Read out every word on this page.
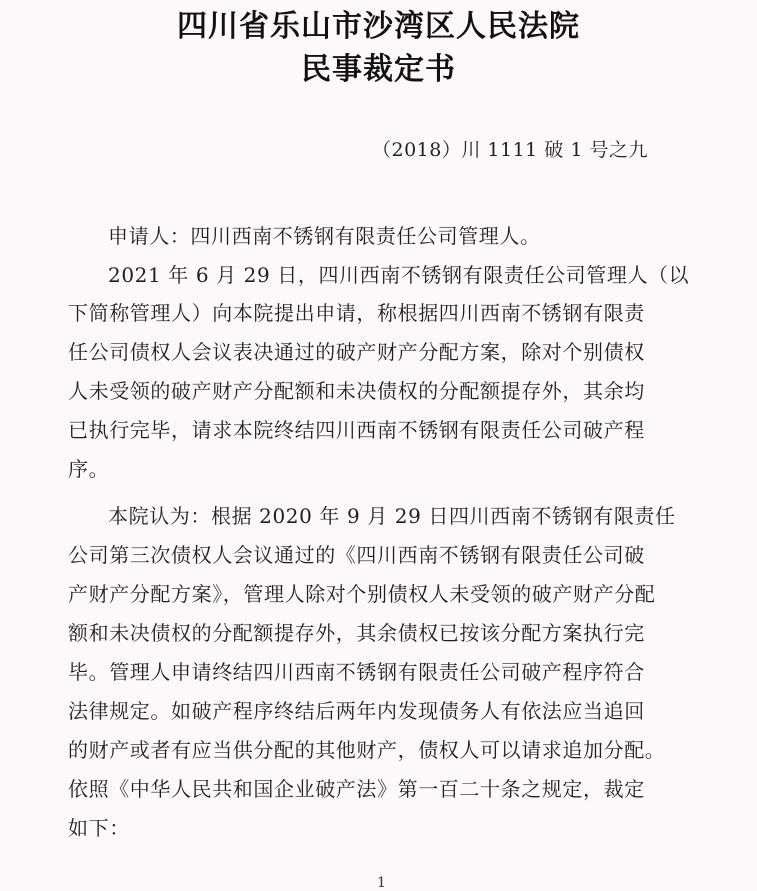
四川省乐山市沙湾区人民法院
民事裁定书
（2018）川 1111 破 1 号之九
申请人：四川西南不锈钢有限责任公司管理人。
2021 年 6 月 29 日，四川西南不锈钢有限责任公司管理人（以
下简称管理人）向本院提出申请，称根据四川西南不锈钢有限责
任公司债权人会议表决通过的破产财产分配方案，除对个别债权
人未受领的破产财产分配额和未决债权的分配额提存外，其余均
已执行完毕，请求本院终结四川西南不锈钢有限责任公司破产程
序。
本院认为：根据 2020 年 9 月 29 日四川西南不锈钢有限责任
公司第三次债权人会议通过的《四川西南不锈钢有限责任公司破
产财产分配方案》，管理人除对个别债权人未受领的破产财产分配
额和未决债权的分配额提存外，其余债权已按该分配方案执行完
毕。管理人申请终结四川西南不锈钢有限责任公司破产程序符合
法律规定。如破产程序终结后两年内发现债务人有依法应当追回
的财产或者有应当供分配的其他财产，债权人可以请求追加分配。
依照《中华人民共和国企业破产法》第一百二十条之规定，裁定
如下：
1
